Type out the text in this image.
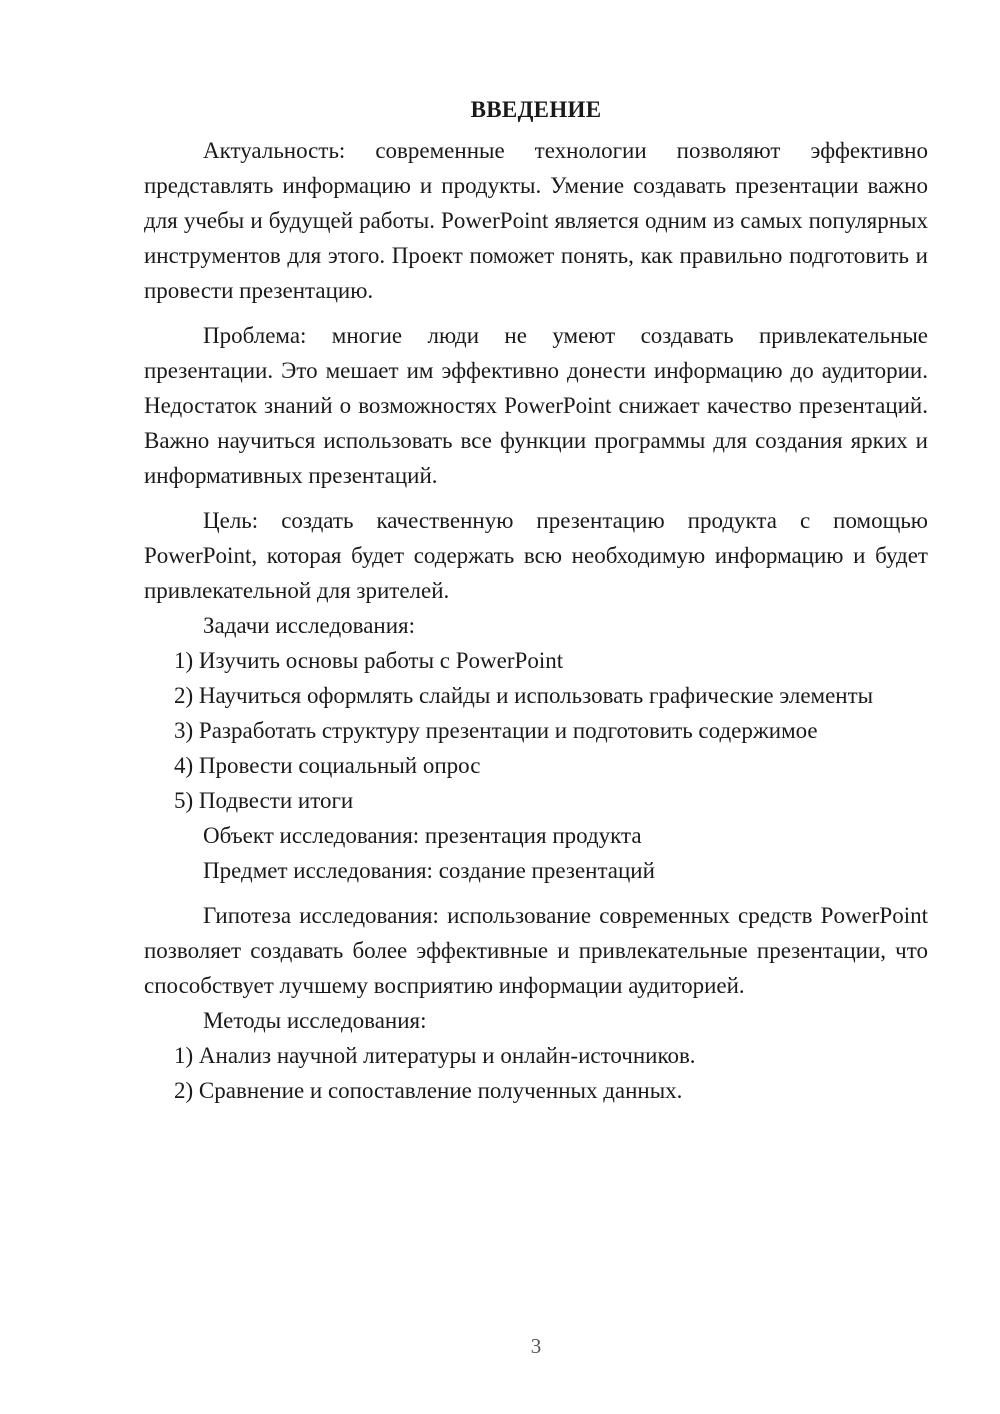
ВВЕДЕНИЕ

Актуальность: современные технологии позволяют эффективно представлять информацию и продукты. Умение создавать презентации важно для учебы и будущей работы. PowerPoint является одним из самых популярных инструментов для этого. Проект поможет понять, как правильно подготовить и провести презентацию.

Проблема: многие люди не умеют создавать привлекательные презентации. Это мешает им эффективно донести информацию до аудитории. Недостаток знаний о возможностях PowerPoint снижает качество презентаций. Важно научиться использовать все функции программы для создания ярких и информативных презентаций.

Цель: создать качественную презентацию продукта с помощью PowerPoint, которая будет содержать всю необходимую информацию и будет привлекательной для зрителей.

Задачи исследования:

1) Изучить основы работы с PowerPoint

2) Научиться оформлять слайды и использовать графические элементы

3) Разработать структуру презентации и подготовить содержимое

4) Провести социальный опрос

5) Подвести итоги

Объект исследования: презентация продукта

Предмет исследования: создание презентаций

Гипотеза исследования: использование современных средств PowerPoint позволяет создавать более эффективные и привлекательные презентации, что способствует лучшему восприятию информации аудиторией.

Методы исследования:

1) Анализ научной литературы и онлайн-источников.

2) Сравнение и сопоставление полученных данных.

3
